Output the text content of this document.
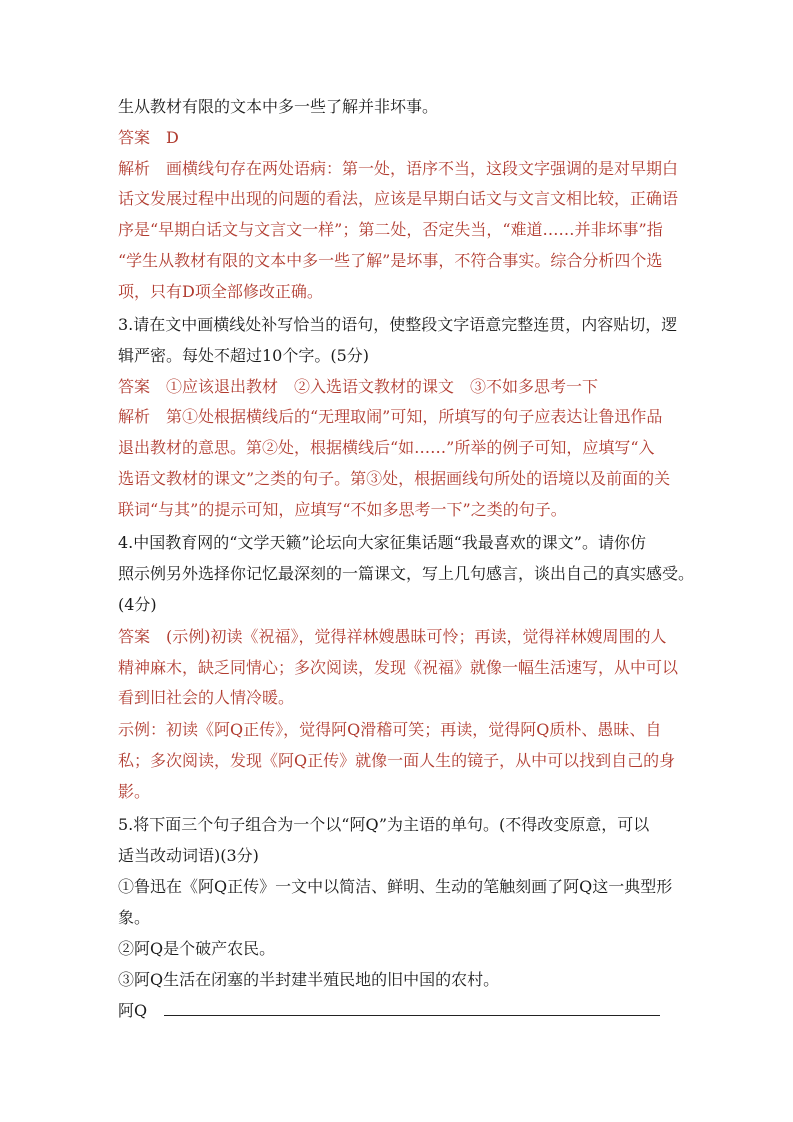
生从教材有限的文本中多一些了解并非坏事。
答案　D
解析　画横线句存在两处语病：第一处，语序不当，这段文字强调的是对早期白
话文发展过程中出现的问题的看法，应该是早期白话文与文言文相比较，正确语
序是“早期白话文与文言文一样”；第二处，否定失当，“难道……并非坏事”指
“学生从教材有限的文本中多一些了解”是坏事，不符合事实。综合分析四个选
项，只有D项全部修改正确。
3.请在文中画横线处补写恰当的语句，使整段文字语意完整连贯，内容贴切，逻
辑严密。每处不超过10个字。(5分)
答案　①应该退出教材　②入选语文教材的课文　③不如多思考一下
解析　第①处根据横线后的“无理取闹”可知，所填写的句子应表达让鲁迅作品
退出教材的意思。第②处，根据横线后“如……”所举的例子可知，应填写“入
选语文教材的课文”之类的句子。第③处，根据画线句所处的语境以及前面的关
联词“与其”的提示可知，应填写“不如多思考一下”之类的句子。
4.中国教育网的“文学天籁”论坛向大家征集话题“我最喜欢的课文”。请你仿
照示例另外选择你记忆最深刻的一篇课文，写上几句感言，谈出自己的真实感受。
(4分)
答案　(示例)初读《祝福》，觉得祥林嫂愚昧可怜；再读，觉得祥林嫂周围的人
精神麻木，缺乏同情心；多次阅读，发现《祝福》就像一幅生活速写，从中可以
看到旧社会的人情冷暖。
示例：初读《阿Q正传》，觉得阿Q滑稽可笑；再读，觉得阿Q质朴、愚昧、自
私；多次阅读，发现《阿Q正传》就像一面人生的镜子，从中可以找到自己的身
影。
5.将下面三个句子组合为一个以“阿Q”为主语的单句。(不得改变原意，可以
适当改动词语)(3分)
①鲁迅在《阿Q正传》一文中以简洁、鲜明、生动的笔触刻画了阿Q这一典型形
象。
②阿Q是个破产农民。
③阿Q生活在闭塞的半封建半殖民地的旧中国的农村。
阿Q
